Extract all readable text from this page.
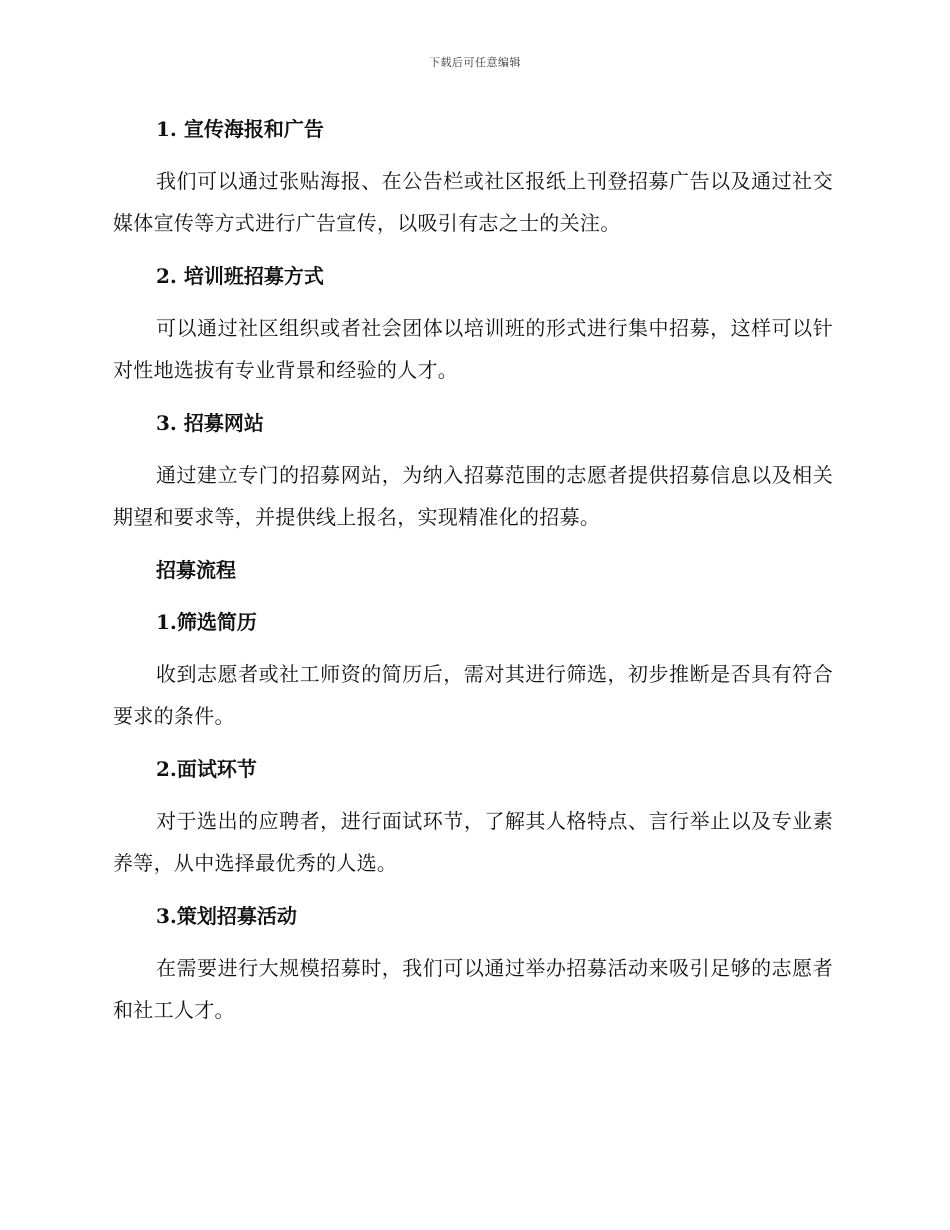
下载后可任意编辑
1. 宣传海报和广告

我们可以通过张贴海报、在公告栏或社区报纸上刊登招募广告以及通过社交媒体宣传等方式进行广告宣传，以吸引有志之士的关注。

2. 培训班招募方式

可以通过社区组织或者社会团体以培训班的形式进行集中招募，这样可以针对性地选拔有专业背景和经验的人才。

3. 招募网站

通过建立专门的招募网站，为纳入招募范围的志愿者提供招募信息以及相关期望和要求等，并提供线上报名，实现精准化的招募。

招募流程
1.筛选简历

收到志愿者或社工师资的简历后，需对其进行筛选，初步推断是否具有符合要求的条件。

2.面试环节

对于选出的应聘者，进行面试环节，了解其人格特点、言行举止以及专业素养等，从中选择最优秀的人选。

3.策划招募活动

在需要进行大规模招募时，我们可以通过举办招募活动来吸引足够的志愿者和社工人才。
